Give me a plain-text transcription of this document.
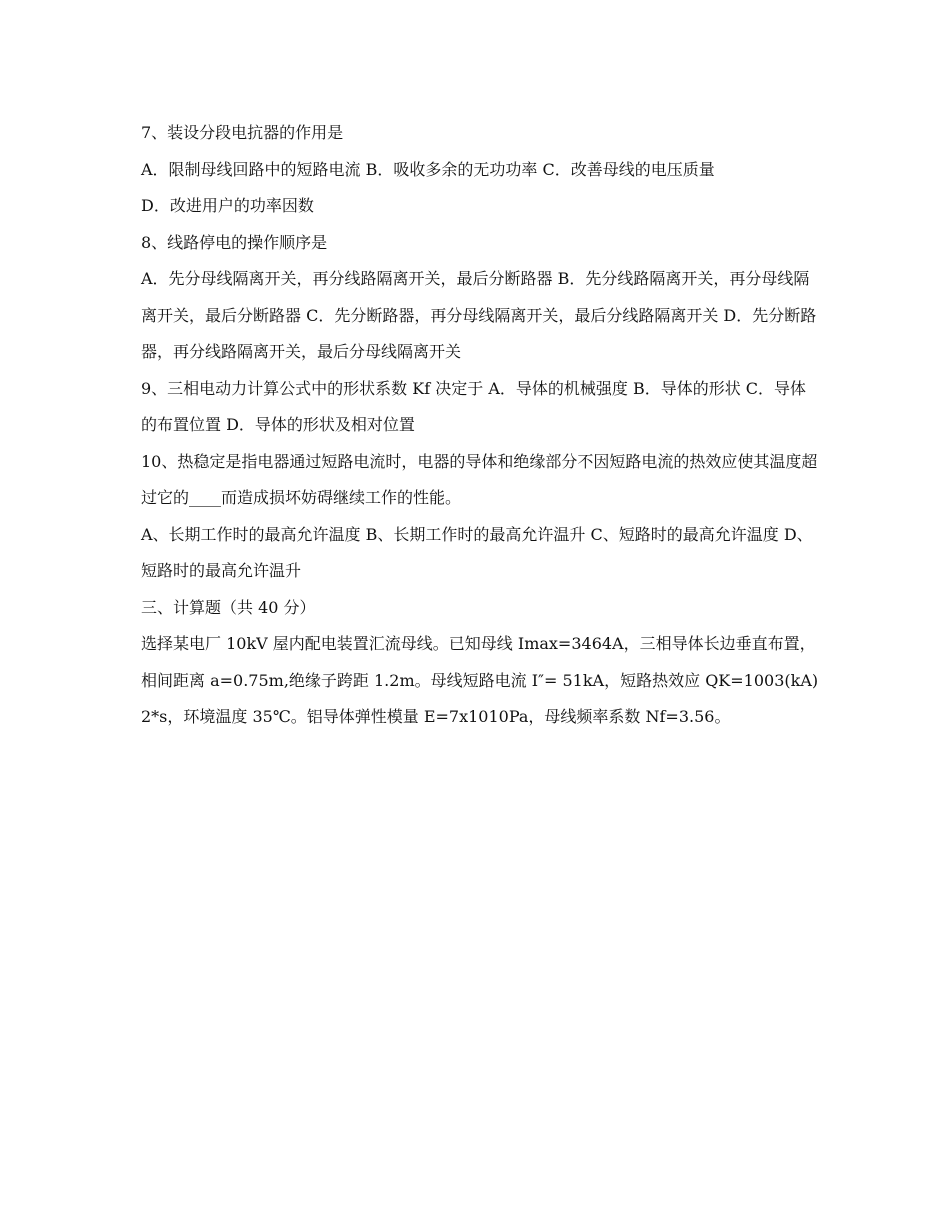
7、装设分段电抗器的作用是

A．限制母线回路中的短路电流 B．吸收多余的无功功率 C．改善母线的电压质量

D．改进用户的功率因数

8、线路停电的操作顺序是

A．先分母线隔离开关，再分线路隔离开关，最后分断路器 B．先分线路隔离开关，再分母线隔离开关，最后分断路器 C．先分断路器，再分母线隔离开关，最后分线路隔离开关 D．先分断路器，再分线路隔离开关，最后分母线隔离开关

9、三相电动力计算公式中的形状系数 Kf 决定于 A．导体的机械强度 B．导体的形状 C．导体的布置位置 D．导体的形状及相对位置

10、热稳定是指电器通过短路电流时，电器的导体和绝缘部分不因短路电流的热效应使其温度超过它的____而造成损坏妨碍继续工作的性能。

A、长期工作时的最高允许温度 B、长期工作时的最高允许温升 C、短路时的最高允许温度 D、短路时的最高允许温升

三、计算题（共 40 分）

选择某电厂 10kV 屋内配电装置汇流母线。已知母线 Imax=3464A，三相导体长边垂直布置，相间距离 a=0.75m,绝缘子跨距 1.2m。母线短路电流 I″= 51kA，短路热效应 QK=1003(kA)2*s，环境温度 35℃。铝导体弹性模量 E=7x1010Pa，母线频率系数 Nf=3.56。
